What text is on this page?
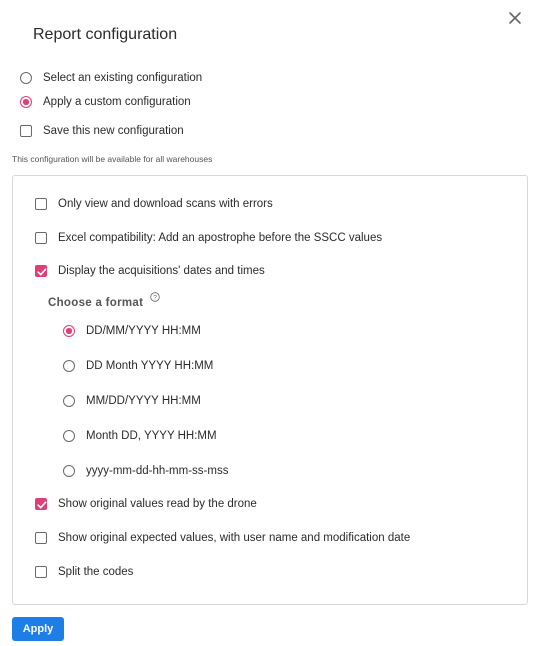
Report configuration
Select an existing configuration
Apply a custom configuration
Save this new configuration
This configuration will be available for all warehouses
Only view and download scans with errors
Excel compatibility: Add an apostrophe before the SSCC values
Display the acquisitions' dates and times
Choose a format ?
DD/MM/YYYY HH:MM
DD Month YYYY HH:MM
MM/DD/YYYY HH:MM
Month DD, YYYY HH:MM
yyyy-mm-dd-hh-mm-ss-mss
Show original values read by the drone
Show original expected values, with user name and modification date
Split the codes
Apply
